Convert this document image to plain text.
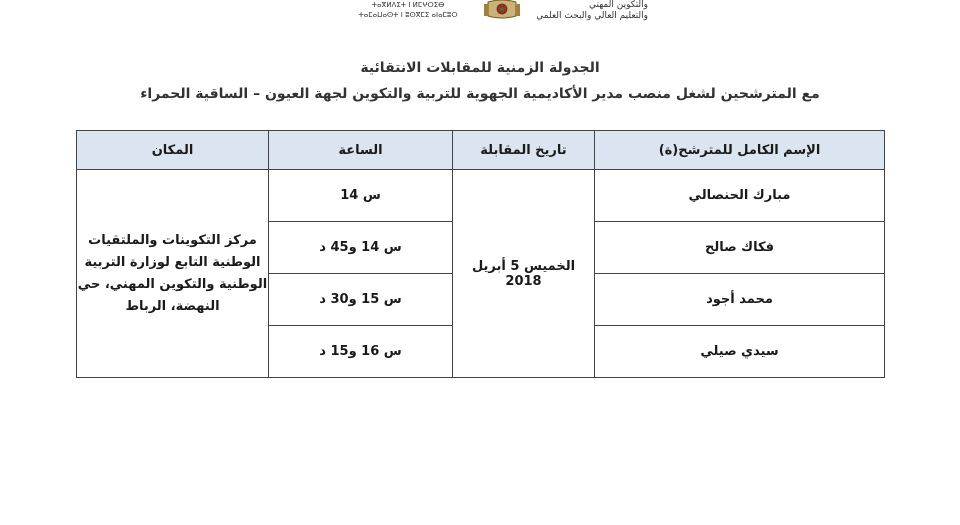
ⵜⴰⴳⵍⴷⵉⵜ ⵏ ⵍⵎⵖⵔⵉⴱ
ⵜⴰⵎⴰⵡⴰⵙⵜ ⵏ ⵓⵙⴳⵎⵉ ⴰⵏⴰⵎⵓⵔ
والتكوين المهني
والتعليم العالي والبحث العلمي
الجدولة الزمنية للمقابلات الانتقائية
مع المترشحين لشغل منصب مدير الأكاديمية الجهوية للتربية والتكوين لجهة العيون – الساقية الحمراء
الإسم الكامل للمترشح(ة)	تاريخ المقابلة	الساعة	المكان
مبارك الحنصالي	الخميس 5 أبريل 2018	س 14	مركز التكوينات والملتقيات الوطنية التابع لوزارة التربية الوطنية والتكوين المهني، حي النهضة، الرباط
فكاك صالح		س 14 و45 د	
محمد أجود		س 15 و30 د	
سيدي صيلي		س 16 و15 د	
